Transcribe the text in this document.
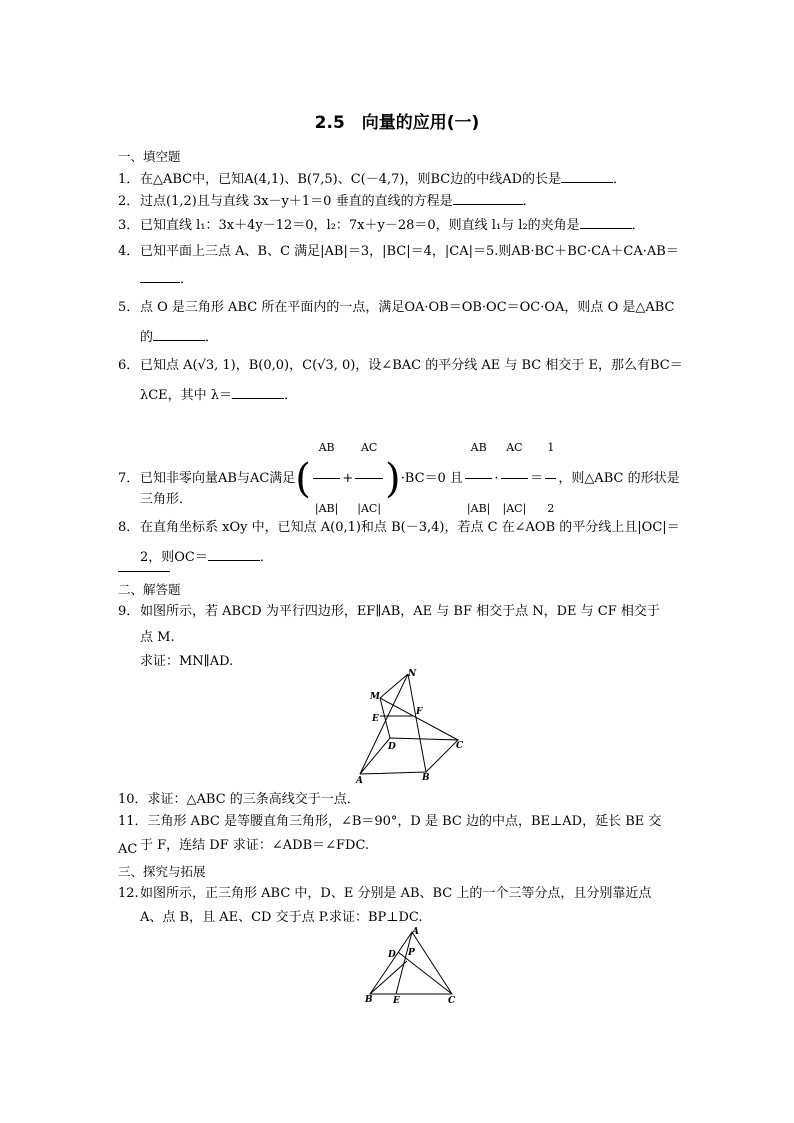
2.5　向量的应用(一)
一、填空题
1．在△ABC中，已知A(4,1)、B(7,5)、C(－4,7)，则BC边的中线AD的长是	．
2．过点(1,2)且与直线 3x－y＋1＝0 垂直的直线的方程是	．
3．已知直线 l₁：3x＋4y－12＝0，l₂：7x＋y－28＝0，则直线 l₁与 l₂的夹角是	．
4．已知平面上三点 A、B、C 满足|AB|＝3，|BC|＝4，|CA|＝5.则AB·BC＋BC·CA＋CA·AB＝
．
5．点 O 是三角形 ABC 所在平面内的一点，满足OA·OB＝OB·OC＝OC·OA，则点 O 是△ABC
的	．
6．已知点 A(√3, 1)，B(0,0)，C(√3, 0)，设∠BAC 的平分线 AE 与 BC 相交于 E，那么有BC＝
λCE，其中 λ＝	．
7．已知非零向量AB与AC满足( $\frac{AB}{|AB|} + \frac{AC}{|AC|} )\cdot BC=0$ 且 $\frac{AB}{|AB|} \cdot \frac{AC}{|AC|} = \frac{1}{2}$ ，则△ABC 的形状是
三角形．
8．在直角坐标系 xOy 中，已知点 A(0,1)和点 B(－3,4)，若点 C 在∠AOB 的平分线上且|OC|＝
2，则OC＝	．
二、解答题
9．如图所示，若 ABCD 为平行四边形，EF∥AB，AE 与 BF 相交于点 N，DE 与 CF 相交于
点 M.
求证：MN∥AD.
N
M
E
F
D	C
A	B
10．求证：△ABC 的三条高线交于一点．
11．三角形 ABC 是等腰直角三角形，∠B＝90°，D 是 BC 边的中点，BE⊥AD，延长 BE 交 AC 于 F，连结 DF 求证：∠ADB＝∠FDC.
三、探究与拓展
12.如图所示，正三角形 ABC 中，D、E 分别是 AB、BC 上的一个三等分点，且分别靠近点
A、点 B，且 AE、CD 交于点 P.求证：BP⊥DC.
A
D P
B E	C
